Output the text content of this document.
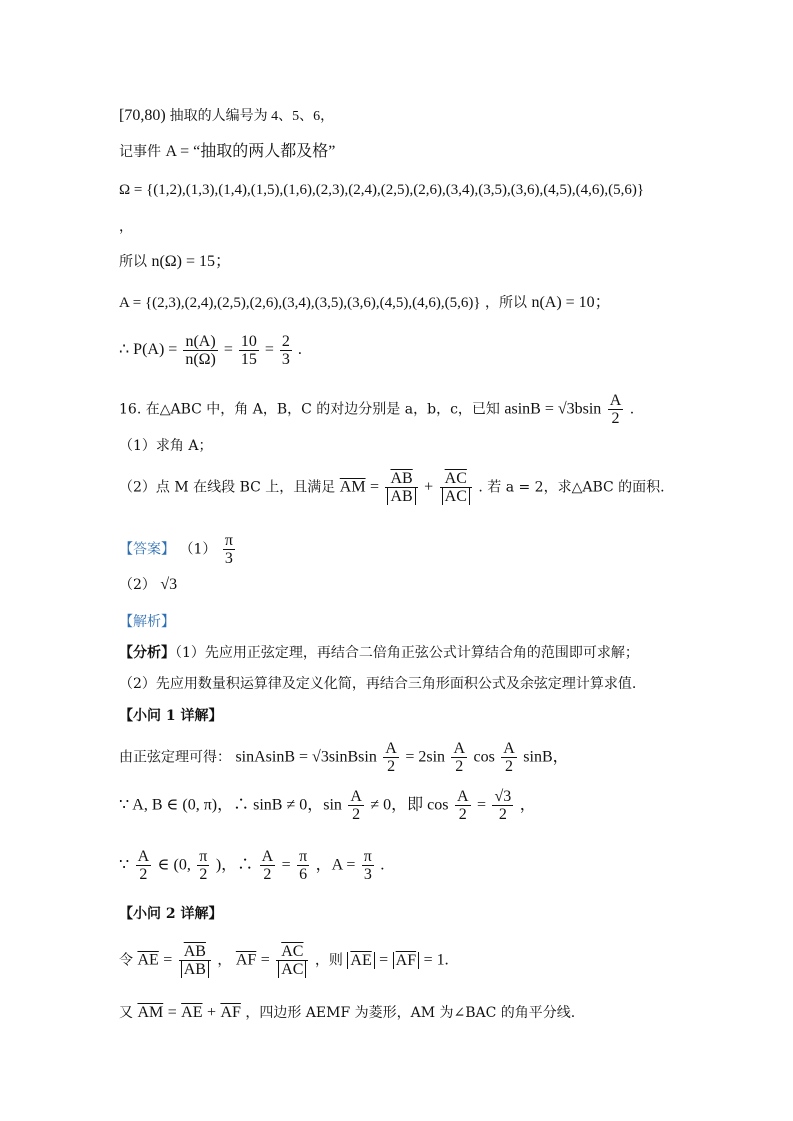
[70,80) 抽取的人编号为 4、5、6，
记事件 A = “抽取的两人都及格”
Ω = {(1,2),(1,3),(1,4),(1,5),(1,6),(2,3),(2,4),(2,5),(2,6),(3,4),(3,5),(3,6),(4,5),(4,6),(5,6)}
，
所以 n(Ω) = 15；
A = {(2,3),(2,4),(2,5),(2,6),(3,4),(3,5),(3,6),(4,5),(4,6),(5,6)} ，所以 n(A) = 10；
∴ $P(A) = \frac{n(A)}{n(\Omega)} = \frac{10}{15} = \frac{2}{3}$ .
16. 在△ABC 中，角 A，B，C 的对边分别是 a，b，c，已知 $asinB = √3bsin \frac{A}{2}$ .
（1）求角 A；
（2）点 M 在线段 BC 上，且满足 $\overline{AM} = \frac{\overline{AB}}{AB} + \frac{\overline{AC}}{AC}$ . 若 a = 2，求△ABC 的面积.
【答案】 $(1) \frac{\pi}{3}$
（2） √3
【解析】
【分析】（1）先应用正弦定理，再结合二倍角正弦公式计算结合角的范围即可求解；
（2）先应用数量积运算律及定义化简，再结合三角形面积公式及余弦定理计算求值.
【小问 1 详解】
由正弦定理可得： sinAsinB = √3sinBsin $\frac{A}{2} = 2\sin \frac{A}{2}$ $\cos \frac{A}{2}$ sinB，
∵ A, B ∈ (0, π)，∴ sinB ≠ 0，$\sin \frac{A}{2} \ne 0$，即 $\cos \frac{A}{2} = \frac{√3}{2}$ ，
∵ $\frac{A}{2}$ ∈ (0, $\frac{\pi}{2}$ )，∴ $\frac{A}{2} = \frac{\pi}{6}$ ，$A = \frac{\pi}{3}$ .
【小问 2 详解】
令 $\overline{AE} = \frac{\overline{AB}}{AB}$ ， $\overline{AF} = \frac{\overline{AC}}{AC}$ ，则 $\overline{AE} = \overline{AF} = 1$.
又 $\overline{AM} = \overline{AE} + \overline{AF}$ ，四边形 AEMF 为菱形，AM 为∠BAC 的角平分线.
